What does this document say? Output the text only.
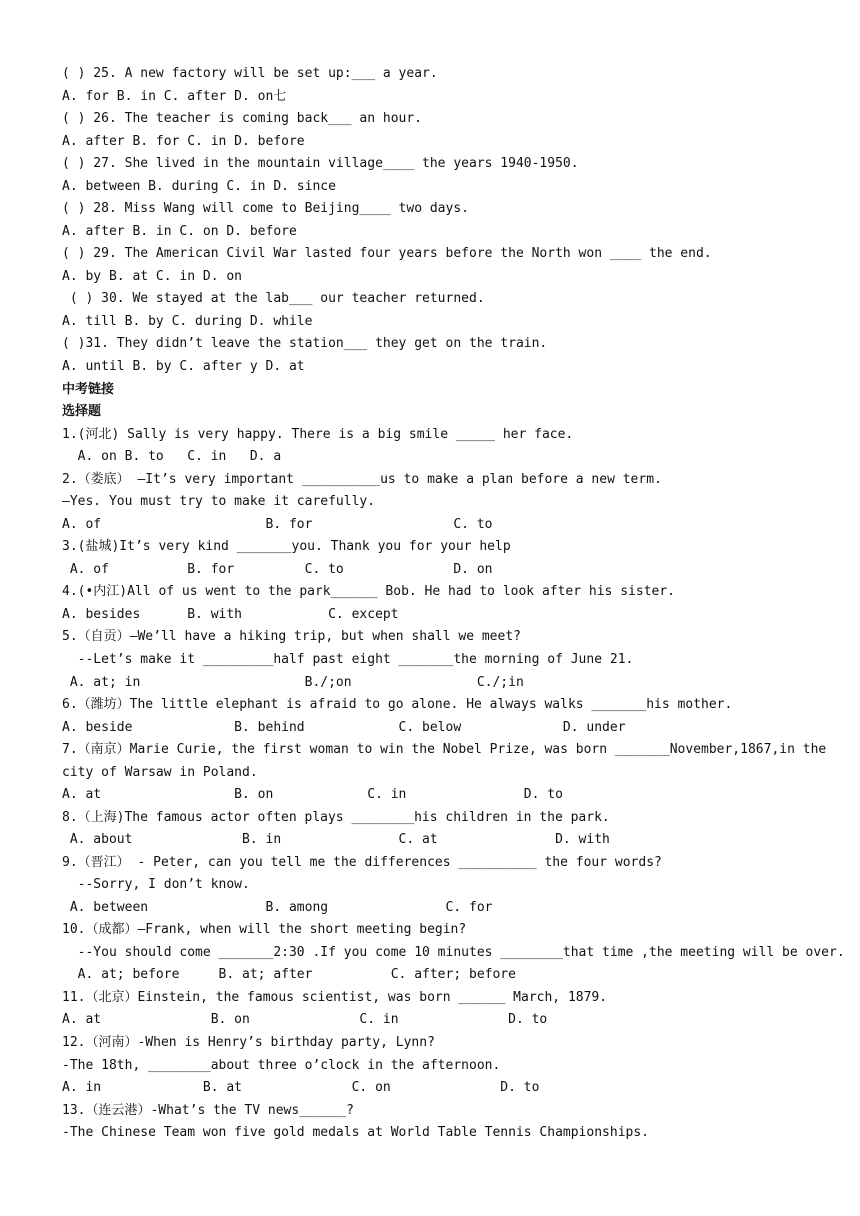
( ) 25. A new factory will be set up:___ a year.
A. for B. in C. after D. on七
( ) 26. The teacher is coming back___ an hour.
A. after B. for C. in D. before
( ) 27. She lived in the mountain village____ the years 1940-1950.
A. between B. during C. in D. since
( ) 28. Miss Wang will come to Beijing____ two days.
A. after B. in C. on D. before
( ) 29. The American Civil War lasted four years before the North won ____ the end.
A. by B. at C. in D. on
( ) 30. We stayed at the lab___ our teacher returned.
A. till B. by C. during D. while
( )31. They didn’t leave the station___ they get on the train.
A. until B. by C. after y D. at
中考链接
选择题
1.(河北) Sally is very happy. There is a big smile _____ her face.
A. on B. to   C. in   D. a
2.（娄底） —It’s very important __________us to make a plan before a new term.
—Yes. You must try to make it carefully.
A. of                     B. for                  C. to
3.(盐城)It’s very kind _______you. Thank you for your help
A. of          B. for         C. to              D. on
4.(•内江)All of us went to the park______ Bob. He had to look after his sister.
A. besides      B. with           C. except
5.（自贡）—We’ll have a hiking trip, but when shall we meet?
--Let’s make it _________half past eight _______the morning of June 21.
A. at; in                     B./;on                C./;in
6.（潍坊）The little elephant is afraid to go alone. He always walks _______his mother.
A. beside             B. behind            C. below             D. under
7.（南京）Marie Curie, the first woman to win the Nobel Prize, was born _______November,1867,in the
city of Warsaw in Poland.
A. at                 B. on            C. in               D. to
8.（上海)The famous actor often plays ________his children in the park.
A. about              B. in               C. at               D. with
9.（晋江） - Peter, can you tell me the differences __________ the four words?
--Sorry, I don’t know.
A. between               B. among               C. for
10.（成都）—Frank, when will the short meeting begin?
--You should come _______2:30 .If you come 10 minutes ________that time ,the meeting will be over.
A. at; before     B. at; after          C. after; before
11.（北京）Einstein, the famous scientist, was born ______ March, 1879.
A. at              B. on              C. in              D. to
12.（河南）-When is Henry’s birthday party, Lynn?
-The 18th, ________about three o’clock in the afternoon.
A. in             B. at              C. on              D. to
13.（连云港）-What’s the TV news______?
-The Chinese Team won five gold medals at World Table Tennis Championships.
